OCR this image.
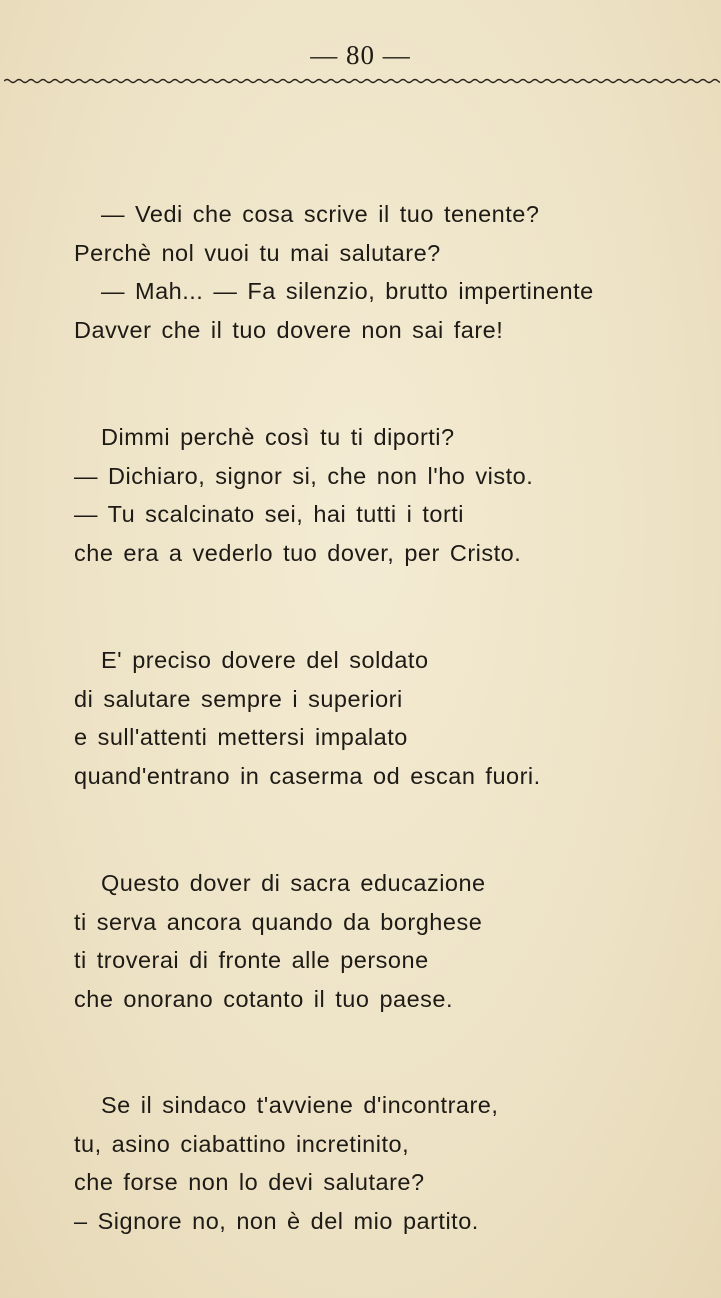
— 80 —
— Vedi che cosa scrive il tuo tenente?
Perchè nol vuoi tu mai salutare?
— Mah... — Fa silenzio, brutto impertinente
Davver che il tuo dovere non sai fare!
Dimmi perchè così tu ti diporti?
— Dichiaro, signor si, che non l'ho visto.
— Tu scalcinato sei, hai tutti i torti
che era a vederlo tuo dover, per Cristo.
E' preciso dovere del soldato
di salutare sempre i superiori
e sull'attenti mettersi impalato
quand'entrano in caserma od escan fuori.
Questo dover di sacra educazione
ti serva ancora quando da borghese
ti troverai di fronte alle persone
che onorano cotanto il tuo paese.
Se il sindaco t'avviene d'incontrare,
tu, asino ciabattino incretinito,
che forse non lo devi salutare?
– Signore no, non è del mio partito.
